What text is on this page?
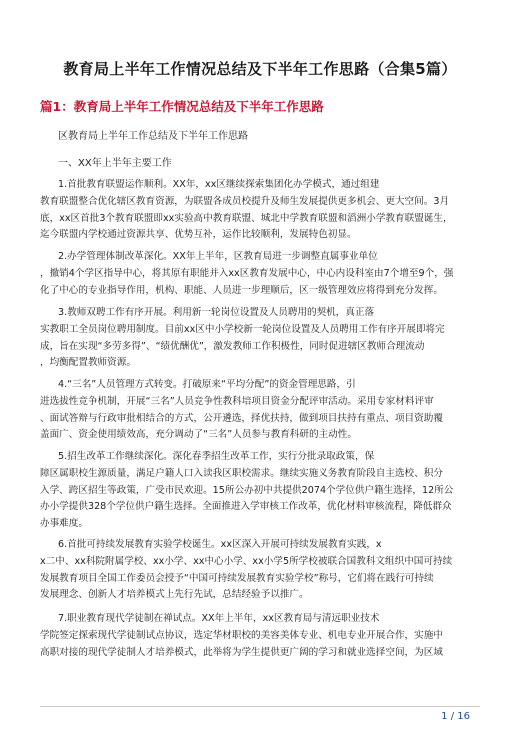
教育局上半年工作情况总结及下半年工作思路（合集5篇）
篇1：教育局上半年工作情况总结及下半年工作思路
区教育局上半年工作总结及下半年工作思路
一、XX年上半年主要工作
1.首批教育联盟运作顺利。XX年，xx区继续探索集团化办学模式，通过组建
教育联盟整合优化辖区教育资源，为联盟各成员校提升及师生发展提供更多机会、更大空间。3月
底，xx区首批3个教育联盟即xx实验高中教育联盟、城北中学教育联盟和滔洲小学教育联盟诞生，
迄今联盟内学校通过资源共享、优势互补，运作比较顺利，发展特色初显。
2.办学管理体制改革深化。XX年上半年，区教育局进一步调整直属事业单位
，撤销4个学区指导中心，将其原有职能并入xx区教育发展中心，中心内设科室由7个增至9个，强
化了中心的专业指导作用，机构、职能、人员进一步理顺后，区一级管理效应将得到充分发挥。
3.教师双聘工作有序开展。利用新一轮岗位设置及人员聘用的契机，真正落
实教职工全员岗位聘用制度。目前xx区中小学校新一轮岗位设置及人员聘用工作有序开展即将完
成，旨在实现“多劳多得”、“绩优酬优”，激发教师工作积极性，同时促进辖区教师合理流动
，均衡配置教师资源。
4.“三名”人员管理方式转变。打破原来“平均分配”的资金管理思路，引
进选拔性竞争机制，开展“三名”人员竞争性教科培项目资金分配评审活动。采用专家材料评审
、面试答辩与行政审批相结合的方式，公开遴选，择优扶持，做到项目扶持有重点、项目资助覆
盖面广、资金使用绩效高，充分调动了“三名”人员参与教育科研的主动性。
5.招生改革工作继续深化。深化春季招生改革工作，实行分批录取政策，保
障区属职校生源质量，满足户籍人口入读我区职校需求。继续实施义务教育阶段自主选校、积分
入学、跨区招生等政策，广受市民欢迎。15所公办初中共提供2074个学位供户籍生选择，12所公
办小学提供328个学位供户籍生选择。全面推进入学审核工作改革，优化材料审核流程，降低群众
办事难度。
6.首批可持续发展教育实验学校诞生。xx区深入开展可持续发展教育实践，x
x二中、xx科院附属学校、xx小学、xx中心小学、xx小学5所学校被联合国教科文组织中国可持续
发展教育项目全国工作委员会授予“中国可持续发展教育实验学校”称号，它们将在践行可持续
发展理念、创新人才培养模式上先行先试，总结经验予以推广。
7.职业教育现代学徒制在禅试点。XX年上半年，xx区教育局与清远职业技术
学院签定探索现代学徒制试点协议，选定华材职校的美容美体专业、机电专业开展合作，实施中
高职对接的现代学徒制人才培养模式，此举将为学生提供更广阔的学习和就业选择空间，为区域
1 / 16
